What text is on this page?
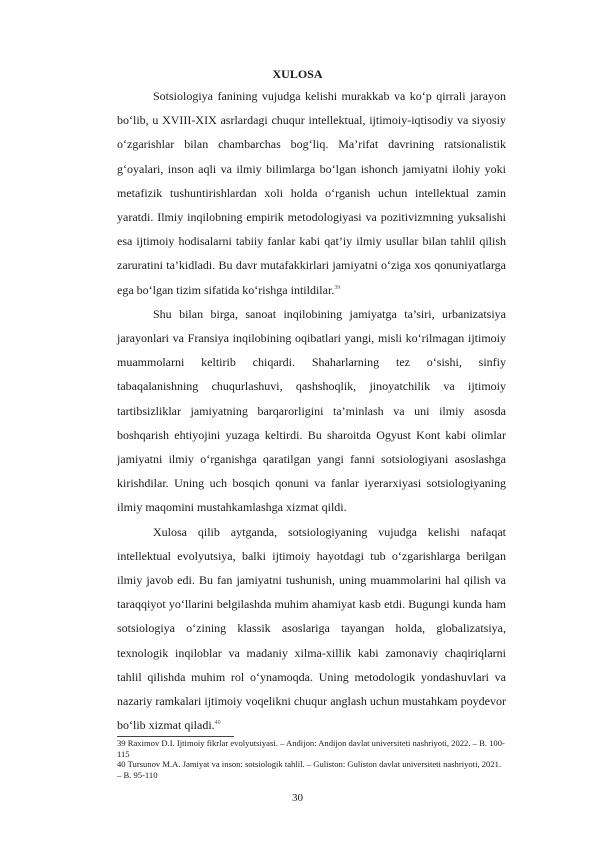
XULOSA

Sotsiologiya fanining vujudga kelishi murakkab va ko‘p qirrali jarayon bo‘lib, u XVIII-XIX asrlardagi chuqur intellektual, ijtimoiy-iqtisodiy va siyosiy o‘zgarishlar bilan chambarchas bog‘liq. Ma’rifat davrining ratsionalistik g‘oyalari, inson aqli va ilmiy bilimlarga bo‘lgan ishonch jamiyatni ilohiy yoki metafizik tushuntirishlardan xoli holda o‘rganish uchun intellektual zamin yaratdi. Ilmiy inqilobning empirik metodologiyasi va pozitivizmning yuksalishi esa ijtimoiy hodisalarni tabiiy fanlar kabi qat’iy ilmiy usullar bilan tahlil qilish zaruratini ta’kidladi. Bu davr mutafakkirlari jamiyatni o‘ziga xos qonuniyatlarga ega bo‘lgan tizim sifatida ko‘rishga intildilar.$^{39}$

Shu bilan birga, sanoat inqilobining jamiyatga ta’siri, urbanizatsiya jarayonlari va Fransiya inqilobining oqibatlari yangi, misli ko‘rilmagan ijtimoiy muammolarni keltirib chiqardi. Shaharlarning tez o‘sishi, sinfiy tabaqalanishning chuqurlashuvi, qashshoqlik, jinoyatchilik va ijtimoiy tartibsizliklar jamiyatning barqarorligini ta’minlash va uni ilmiy asosda boshqarish ehtiyojini yuzaga keltirdi. Bu sharoitda Ogyust Kont kabi olimlar jamiyatni ilmiy o‘rganishga qaratilgan yangi fanni sotsiologiyani asoslashga kirishdilar. Uning uch bosqich qonuni va fanlar iyerarxiyasi sotsiologiyaning ilmiy maqomini mustahkamlashga xizmat qildi.

Xulosa qilib aytganda, sotsiologiyaning vujudga kelishi nafaqat intellektual evolyutsiya, balki ijtimoiy hayotdagi tub o‘zgarishlarga berilgan ilmiy javob edi. Bu fan jamiyatni tushunish, uning muammolarini hal qilish va taraqqiyot yo‘llarini belgilashda muhim ahamiyat kasb etdi. Bugungi kunda ham sotsiologiya o‘zining klassik asoslariga tayangan holda, globalizatsiya, texnologik inqiloblar va madaniy xilma-xillik kabi zamonaviy chaqiriqlarni tahlil qilishda muhim rol o‘ynamoqda. Uning metodologik yondashuvlari va nazariy ramkalari ijtimoiy voqelikni chuqur anglash uchun mustahkam poydevor bo‘lib xizmat qiladi.$^{40}$

39 Raximov D.I. Ijtimoiy fikrlar evolyutsiyasi. – Andijon: Andijon davlat universiteti nashriyoti, 2022. – B. 100-115
40 Tursunov M.A. Jamiyat va inson: sotsiologik tahlil. – Guliston: Guliston davlat universiteti nashriyoti, 2021. – B. 95-110
30
